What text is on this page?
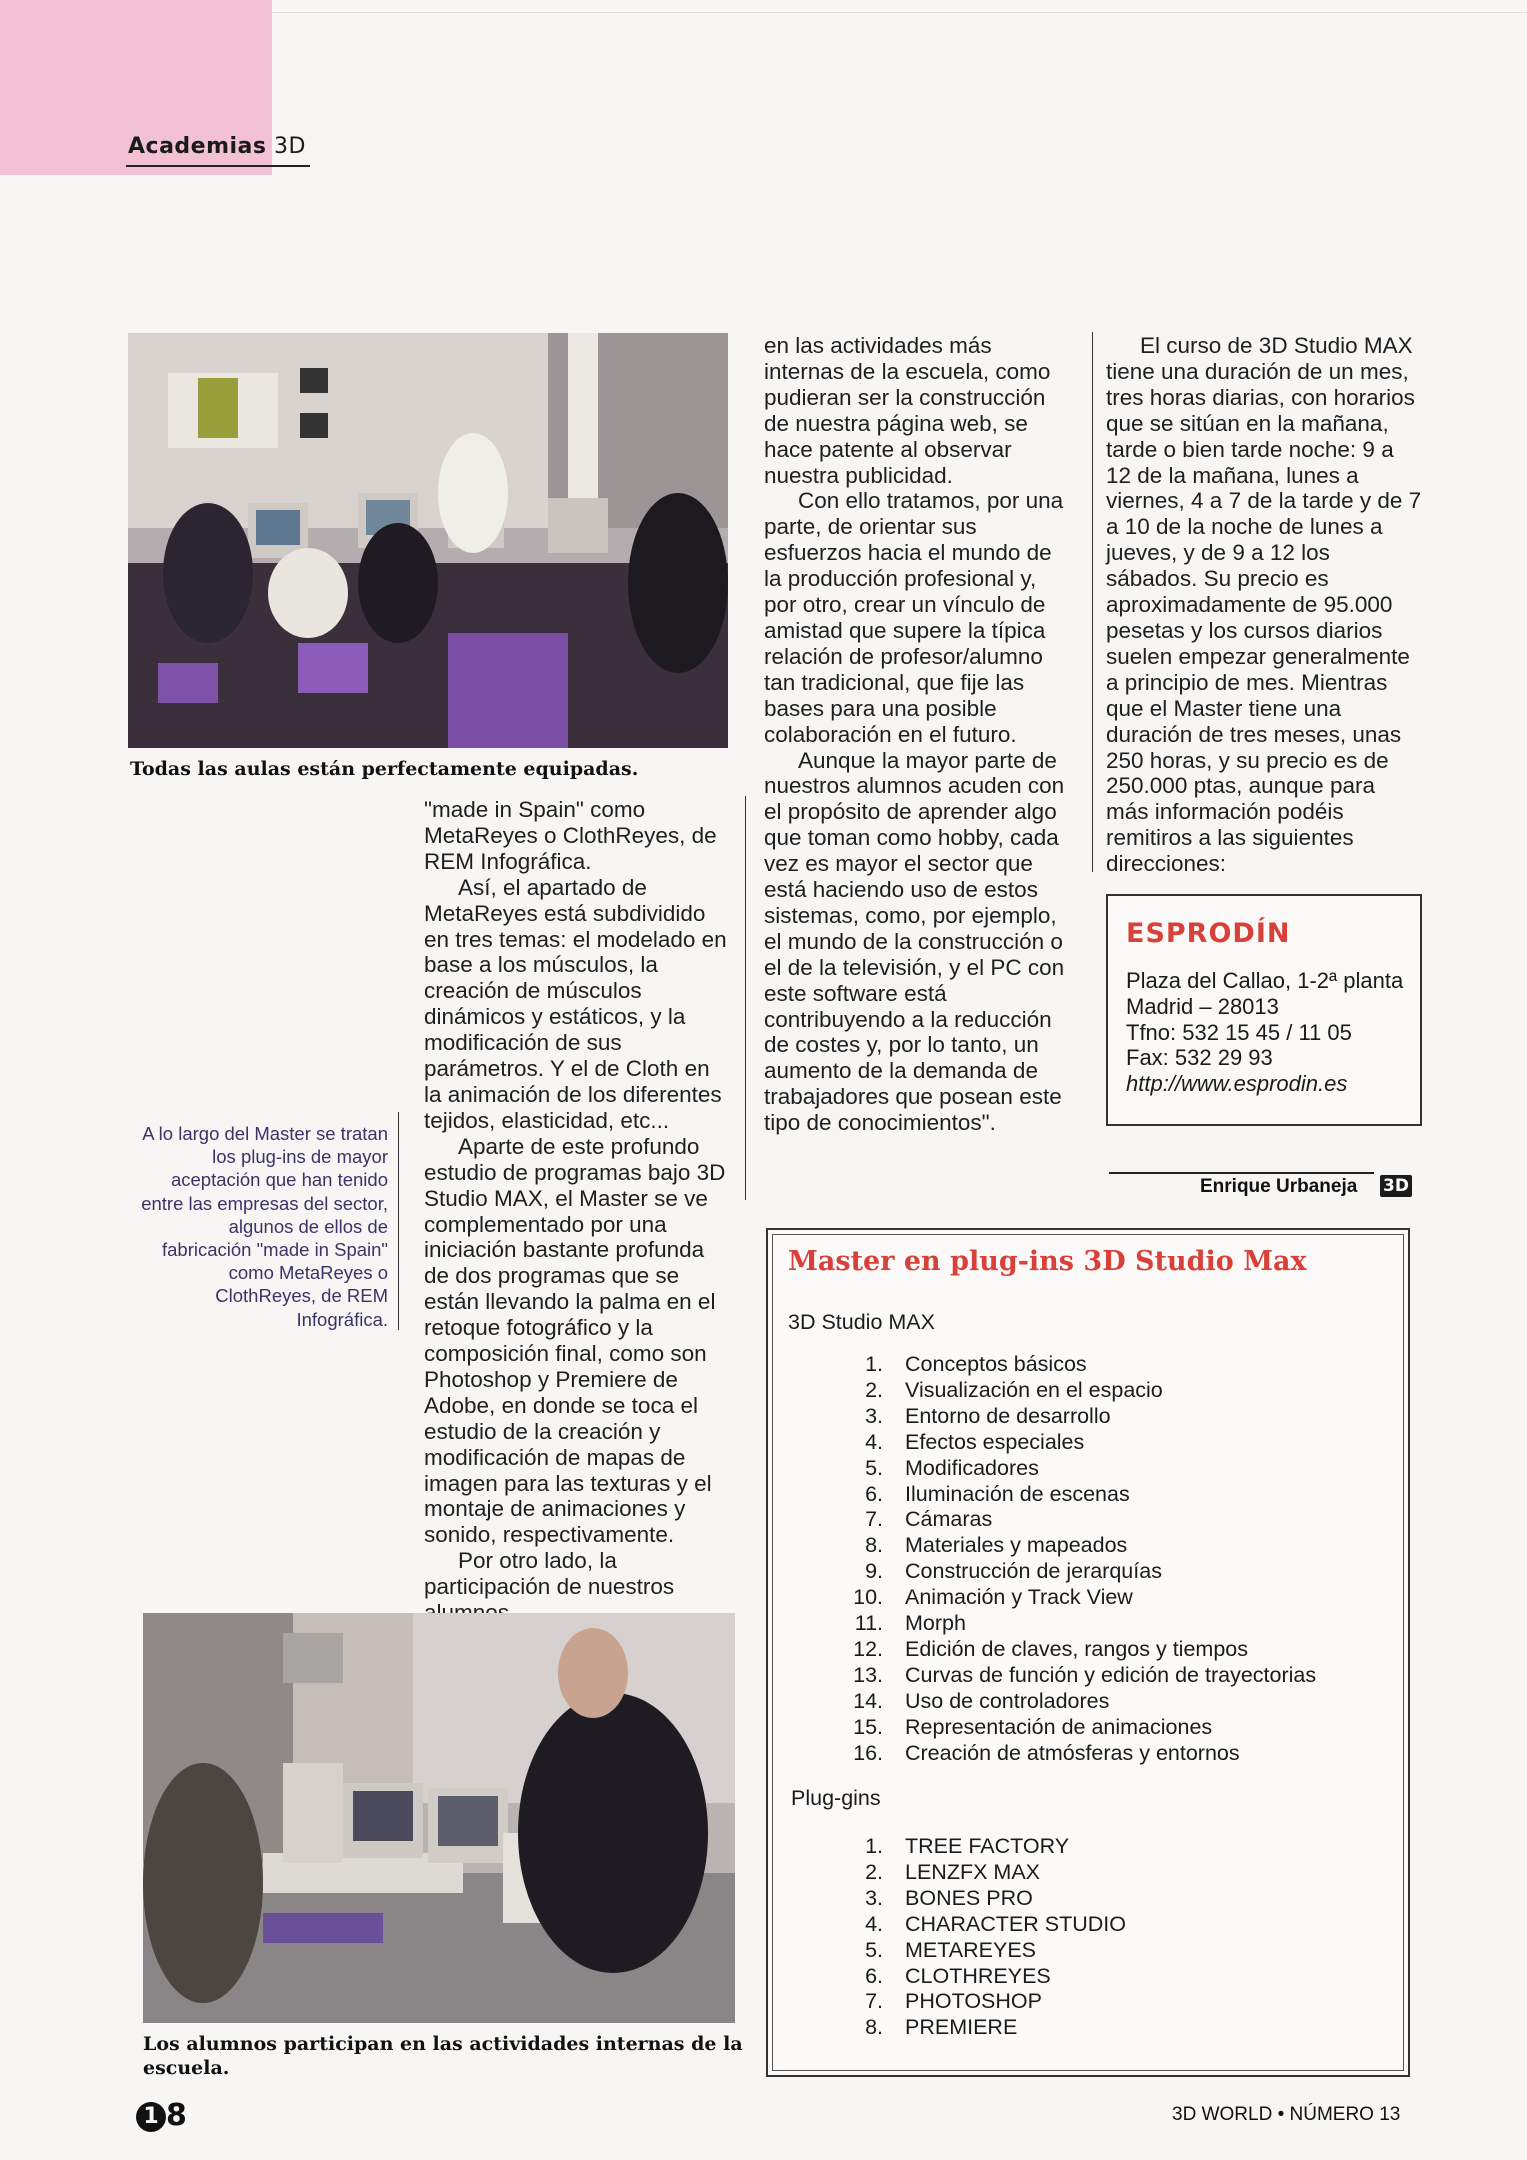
Academias 3D
Todas las aulas están perfectamente equipadas.
A lo largo del Master se tratan los plug-ins de mayor aceptación que han tenido entre las empresas del sector, algunos de ellos de fabricación "made in Spain" como MetaReyes o ClothReyes, de REM Infográfica.

"made in Spain" como MetaReyes o ClothReyes, de REM Infográfica.

Así, el apartado de MetaReyes está subdividido en tres temas: el modelado en base a los músculos, la creación de músculos dinámicos y estáticos, y la modificación de sus parámetros. Y el de Cloth en la animación de los diferentes tejidos, elasticidad, etc...

Aparte de este profundo estudio de programas bajo 3D Studio MAX, el Master se ve complementado por una iniciación bastante profunda de dos programas que se están llevando la palma en el retoque fotográfico y la composición final, como son Photoshop y Premiere de Adobe, en donde se toca el estudio de la creación y modificación de mapas de imagen para las texturas y el montaje de animaciones y sonido, respectivamente.

Por otro lado, la participación de nuestros

en las actividades más internas de la escuela, como pudieran ser la construcción de nuestra página web, se hace patente al observar nuestra publicidad.

Con ello tratamos, por una parte, de orientar sus esfuerzos hacia el mundo de la producción profesional y, por otro, crear un vínculo de amistad que supere la típica relación de profesor/alumno tan tradicional, que fije las bases para una posible colaboración en el futuro.

Aunque la mayor parte de nuestros alumnos acuden con el propósito de aprender algo que toman como hobby, cada vez es mayor el sector que está haciendo uso de estos sistemas, como, por ejemplo, el mundo de la construcción o el de la televisión, y el PC con este software está contribuyendo a la reducción de costes y, por lo tanto, un aumento de la demanda de trabajadores que posean este tipo de conocimientos".

El curso de 3D Studio MAX tiene una duración de un mes, tres horas diarias, con horarios que se sitúan en la mañana, tarde o bien tarde noche: 9 a 12 de la mañana, lunes a viernes, 4 a 7 de la tarde y de 7 a 10 de la noche de lunes a jueves, y de 9 a 12 los sábados. Su precio es aproximadamente de 95.000 pesetas y los cursos diarios suelen empezar generalmente a principio de mes. Mientras que el Master tiene una duración de tres meses, unas 250 horas, y su precio es de 250.000 ptas, aunque para más información podéis remitiros a las siguientes direcciones:

ESPRODÍN
Plaza del Callao, 1-2ª planta
Madrid – 28013
Tfno: 532 15 45 / 11 05
Fax: 532 29 93
http://www.esprodin.es
Enrique Urbaneja 3D
Master en plug-ins 3D Studio Max
3D Studio MAX
1.	Conceptos básicos
2.	Visualización en el espacio
3.	Entorno de desarrollo
4.	Efectos especiales
5.	Modificadores
6.	Iluminación de escenas
7.	Cámaras
8.	Materiales y mapeados
9.	Construcción de jerarquías
10.	Animación y Track View
11.	Morph
12.	Edición de claves, rangos y tiempos
13.	Curvas de función y edición de trayectorias
14.	Uso de controladores
15.	Representación de animaciones
16.	Creación de atmósferas y entornos
Plug-gins
1.	TREE FACTORY
2.	LENZFX MAX
3.	BONES PRO
4.	CHARACTER STUDIO
5.	METAREYES
6.	CLOTHREYES
7.	PHOTOSHOP
8.	PREMIERE
Los alumnos participan en las actividades internas de la escuela.
1 8	3D WORLD • NÚMERO 13
